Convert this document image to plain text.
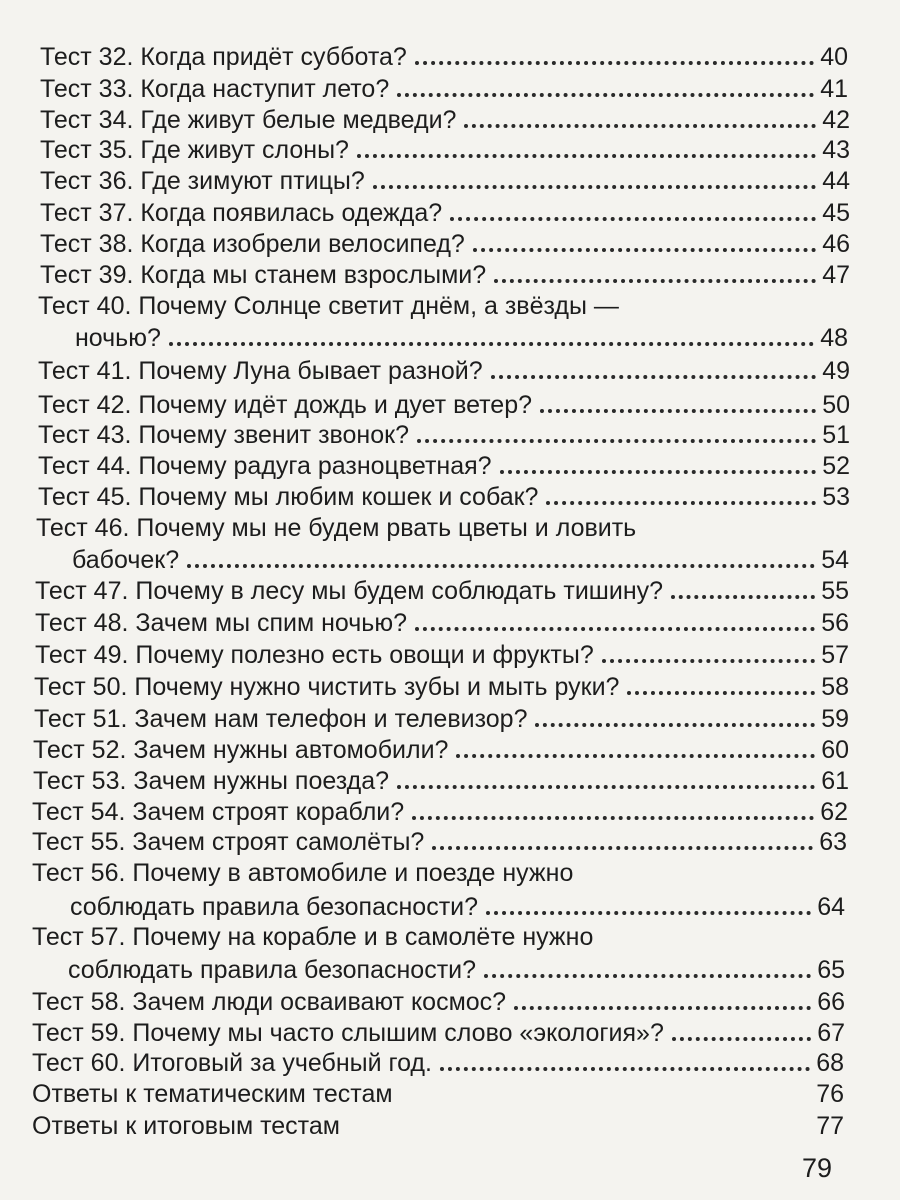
Тест 32. Когда придёт суббота?	40
Тест 33. Когда наступит лето?	41
Тест 34. Где живут белые медведи?	42
Тест 35. Где живут слоны?	43
Тест 36. Где зимуют птицы?	44
Тест 37. Когда появилась одежда?	45
Тест 38. Когда изобрели велосипед?	46
Тест 39. Когда мы станем взрослыми?	47
Тест 40. Почему Солнце светит днём, а звёзды —
ночью?	48
Тест 41. Почему Луна бывает разной?	49
Тест 42. Почему идёт дождь и дует ветер?	50
Тест 43. Почему звенит звонок?	51
Тест 44. Почему радуга разноцветная?	52
Тест 45. Почему мы любим кошек и собак?	53
Тест 46. Почему мы не будем рвать цветы и ловить
бабочек?	54
Тест 47. Почему в лесу мы будем соблюдать тишину?	55
Тест 48. Зачем мы спим ночью?	56
Тест 49. Почему полезно есть овощи и фрукты?	57
Тест 50. Почему нужно чистить зубы и мыть руки?	58
Тест 51. Зачем нам телефон и телевизор?	59
Тест 52. Зачем нужны автомобили?	60
Тест 53. Зачем нужны поезда?	61
Тест 54. Зачем строят корабли?	62
Тест 55. Зачем строят самолёты?	63
Тест 56. Почему в автомобиле и поезде нужно
соблюдать правила безопасности?	64
Тест 57. Почему на корабле и в самолёте нужно
соблюдать правила безопасности?	65
Тест 58. Зачем люди осваивают космос?	66
Тест 59. Почему мы часто слышим слово «экология»?	67
Тест 60. Итоговый за учебный год.	68
Ответы к тематическим тестам	76
Ответы к итоговым тестам	77
79
